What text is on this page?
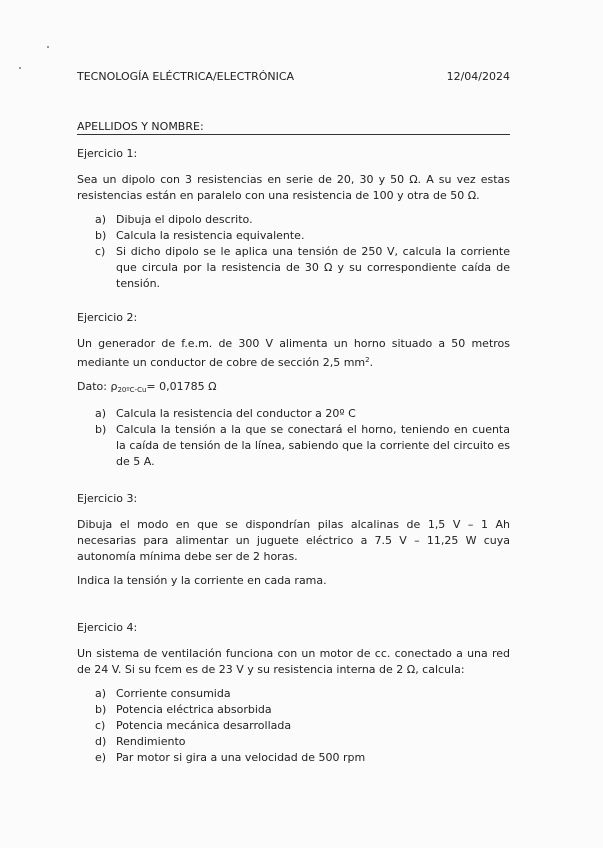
TECNOLOGÍA ELÉCTRICA/ELECTRÓNICA	12/04/2024
APELLIDOS Y NOMBRE:
Ejercicio 1:

Sea un dipolo con 3 resistencias en serie de 20, 30 y 50 Ω. A su vez estas resistencias están en paralelo con una resistencia de 100 y otra de 50 Ω.

a) Dibuja el dipolo descrito.
b) Calcula la resistencia equivalente.
c) Si dicho dipolo se le aplica una tensión de 250 V, calcula la corriente que circula por la resistencia de 30 Ω y su correspondiente caída de tensión.
Ejercicio 2:

Un generador de f.e.m. de 300 V alimenta un horno situado a 50 metros mediante un conductor de cobre de sección 2,5 $mm^2$.

Dato: $\rho_{20ºC-Cu}= 0,01785$ Ω

a) Calcula la resistencia del conductor a 20º C
b) Calcula la tensión a la que se conectará el horno, teniendo en cuenta la caída de tensión de la línea, sabiendo que la corriente del circuito es de 5 A.
Ejercicio 3:

Dibuja el modo en que se dispondrían pilas alcalinas de 1,5 V – 1 Ah necesarias para alimentar un juguete eléctrico a 7.5 V – 11,25 W cuya autonomía mínima debe ser de 2 horas.

Indica la tensión y la corriente en cada rama.

Ejercicio 4:

Un sistema de ventilación funciona con un motor de cc. conectado a una red de 24 V. Si su fcem es de 23 V y su resistencia interna de 2 Ω, calcula:

a) Corriente consumida
b) Potencia eléctrica absorbida
c) Potencia mecánica desarrollada
d) Rendimiento
e) Par motor si gira a una velocidad de 500 rpm
